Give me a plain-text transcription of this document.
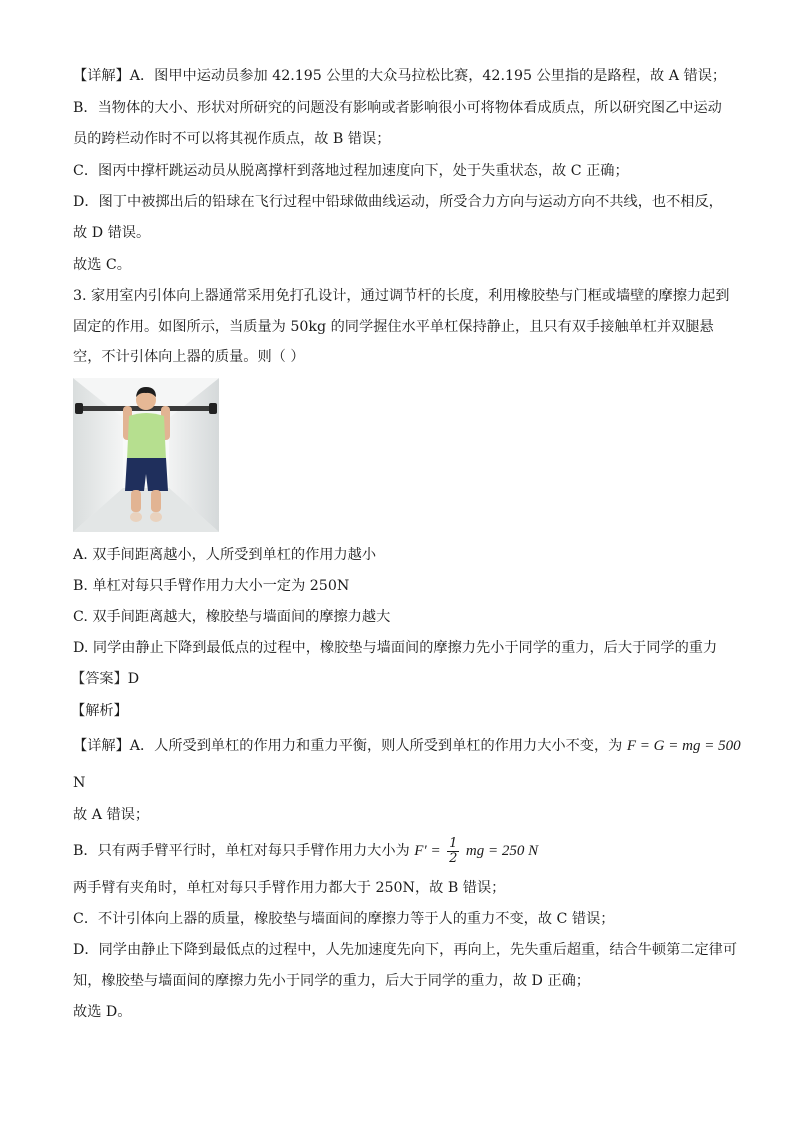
【详解】A．图甲中运动员参加 42.195 公里的大众马拉松比赛，42.195 公里指的是路程，故 A 错误；
B．当物体的大小、形状对所研究的问题没有影响或者影响很小可将物体看成质点，所以研究图乙中运动
员的跨栏动作时不可以将其视作质点，故 B 错误；
C．图丙中撑杆跳运动员从脱离撑杆到落地过程加速度向下，处于失重状态，故 C 正确；
D．图丁中被掷出后的铅球在飞行过程中铅球做曲线运动，所受合力方向与运动方向不共线，也不相反，
故 D 错误。
故选 C。
3. 家用室内引体向上器通常采用免打孔设计，通过调节杆的长度，利用橡胶垫与门框或墙壁的摩擦力起到
固定的作用。如图所示，当质量为 50kg 的同学握住水平单杠保持静止，且只有双手接触单杠并双腿悬
空，不计引体向上器的质量。则（ ）
A. 双手间距离越小，人所受到单杠的作用力越小
B. 单杠对每只手臂作用力大小一定为 250N
C. 双手间距离越大，橡胶垫与墙面间的摩擦力越大
D. 同学由静止下降到最低点的过程中，橡胶垫与墙面间的摩擦力先小于同学的重力，后大于同学的重力
【答案】D
【解析】
【详解】A．人所受到单杠的作用力和重力平衡，则人所受到单杠的作用力大小不变，为 F = G = mg = 500
N
故 A 错误；
B．只有两手臂平行时，单杠对每只手臂作用力大小为 $F' = \frac{1}{2}$ mg = 250 N
两手臂有夹角时，单杠对每只手臂作用力都大于 250N，故 B 错误；
C．不计引体向上器的质量，橡胶垫与墙面间的摩擦力等于人的重力不变，故 C 错误；
D．同学由静止下降到最低点的过程中，人先加速度先向下，再向上，先失重后超重，结合牛顿第二定律可
知，橡胶垫与墙面间的摩擦力先小于同学的重力，后大于同学的重力，故 D 正确；
故选 D。
